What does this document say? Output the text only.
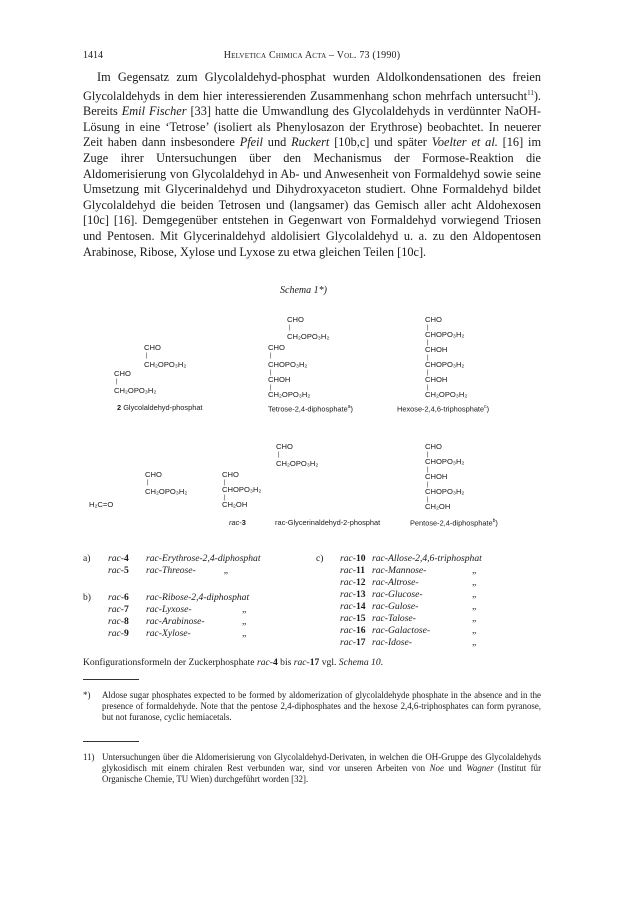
1414	Helvetica Chimica Acta – Vol. 73 (1990)

Im Gegensatz zum Glycolaldehyd-phosphat wurden Aldolkondensationen des freien Glycolaldehyds in dem hier interessierenden Zusammenhang schon mehrfach untersucht$^{11}$). Bereits Emil Fischer [33] hatte die Umwandlung des Glycolaldehyds in verdünnter NaOH-Lösung in eine ‘Tetrose’ (isoliert als Phenylosazon der Erythrose) beobachtet. In neuerer Zeit haben dann insbesondere Pfeil und Ruckert [10b,c] und später Voelter et al. [16] im Zuge ihrer Untersuchungen über den Mechanismus der Formose-Reaktion die Aldomerisierung von Glycolaldehyd in Ab- und Anwesenheit von Formaldehyd sowie seine Umsetzung mit Glycerinaldehyd und Dihydroxyaceton studiert. Ohne Formaldehyd bildet Glycolaldehyd die beiden Tetrosen und (langsamer) das Gemisch aller acht Aldohexosen [10c] [16]. Demgegenüber entstehen in Gegenwart von Formaldehyd vorwiegend Triosen und Pentosen. Mit Glycerinaldehyd aldolisiert Glycolaldehyd u. a. zu den Aldopentosen Arabinose, Ribose, Xylose und Lyxose zu etwa gleichen Teilen [10c].

Schema 1*)
CHO
|
CH₂OPO₃H₂
CHO
|
CH₂OPO₃H₂
2 Glycolaldehyd-phosphat
CHO
|
CH₂OPO₃H₂
CHO
|
CHOPO₃H₂
|
CHOH
|
CH₂OPO₃H₂
Tetrose-2,4-diphosphate$^a$)
CHO
|
CHOPO₃H₂
|
CHOH
|
CHOPO₃H₂
|
CHOH
|
CH₂OPO₃H₂
Hexose-2,4,6-triphosphate$^c$)
H₂C=O
CHO
|
CH₂OPO₃H₂
CHO
|
CHOPO₃H₂
|
CH₂OH
rac-3
CHO
|
CH₂OPO₃H₂
rac-Glycerinaldehyd-2-phosphat
CHO
|
CHOPO₃H₂
|
CHOH
|
CHOPO₃H₂
|
CH₂OH
Pentose-2,4-diphosphate$^b$)
a) rac-4 rac-Erythrose-2,4-diphosphat
rac-5 rac-Threose-	„
b) rac-6 rac-Ribose-2,4-diphosphat
rac-7 rac-Lyxose-	„
rac-8 rac-Arabinose-	„
rac-9 rac-Xylose-	„
c) rac-10 rac-Allose-2,4,6-triphosphat
rac-11 rac-Mannose-	„
rac-12 rac-Altrose-	„
rac-13 rac-Glucose-	„
rac-14 rac-Gulose-	„
rac-15 rac-Talose-	„
rac-16 rac-Galactose-	„
rac-17 rac-Idose-	„
Konfigurationsformeln der Zuckerphosphate rac-4 bis rac-17 vgl. Schema 10.
*) Aldose sugar phosphates expected to be formed by aldomerization of glycolaldehyde phosphate in the absence and in the presence of formaldehyde. Note that the pentose 2,4-diphosphates and the hexose 2,4,6-triphosphates can form pyranose, but not furanose, cyclic hemiacetals.
11) Untersuchungen über die Aldomerisierung von Glycolaldehyd-Derivaten, in welchen die OH-Gruppe des Glycolaldehyds glykosidisch mit einem chiralen Rest verbunden war, sind vor unseren Arbeiten von Noe und Wagner (Institut für Organische Chemie, TU Wien) durchgeführt worden [32].
